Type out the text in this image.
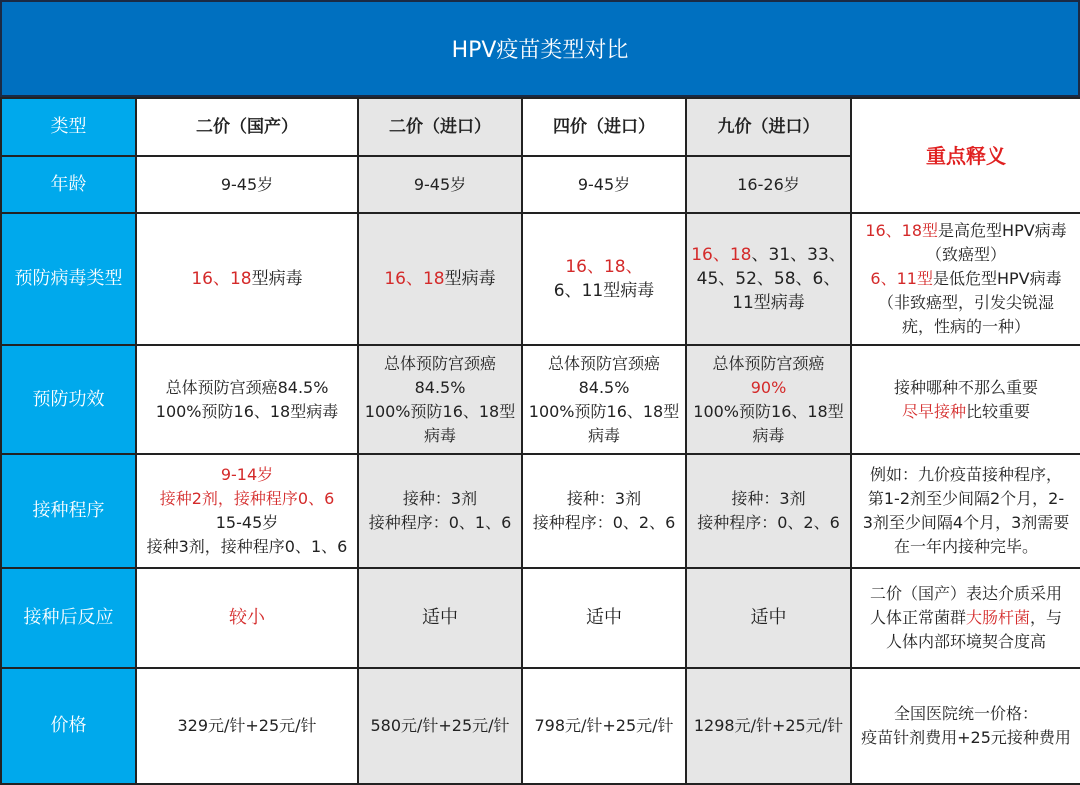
HPV疫苗类型对比
类型	二价（国产）	二价（进口）	四价（进口）	九价（进口）	重点释义
年龄	9-45岁	9-45岁	9-45岁	16-26岁	
预防病毒类型	16、18型病毒	16、18型病毒	16、18、
6、11型病毒	16、18、31、33、
45、52、58、6、
11型病毒	16、18型是高危型HPV病毒
（致癌型）
6、11型是低危型HPV病毒
（非致癌型，引发尖锐湿
疣，性病的一种）

预防功效	总体预防宫颈癌84.5%
100%预防16、18型病毒	总体预防宫颈癌
84.5%
100%预防16、18型
病毒	总体预防宫颈癌
84.5%
100%预防16、18型
病毒	总体预防宫颈癌
90%
100%预防16、18型
病毒	接种哪种不那么重要
尽早接种比较重要

接种程序	9-14岁
接种2剂，接种程序0、6
15-45岁
接种3剂，接种程序0、1、6	接种：3剂
接种程序：0、1、6	接种：3剂
接种程序：0、2、6	接种：3剂
接种程序：0、2、6	例如：九价疫苗接种程序，
第1-2剂至少间隔2个月，2-
3剂至少间隔4个月，3剂需要
在一年内接种完毕。

接种后反应	较小	适中	适中	适中	二价（国产）表达介质采用
人体正常菌群大肠杆菌，与
人体内部环境契合度高

价格	329元/针+25元/针	580元/针+25元/针	798元/针+25元/针	1298元/针+25元/针	全国医院统一价格：
疫苗针剂费用+25元接种费用
